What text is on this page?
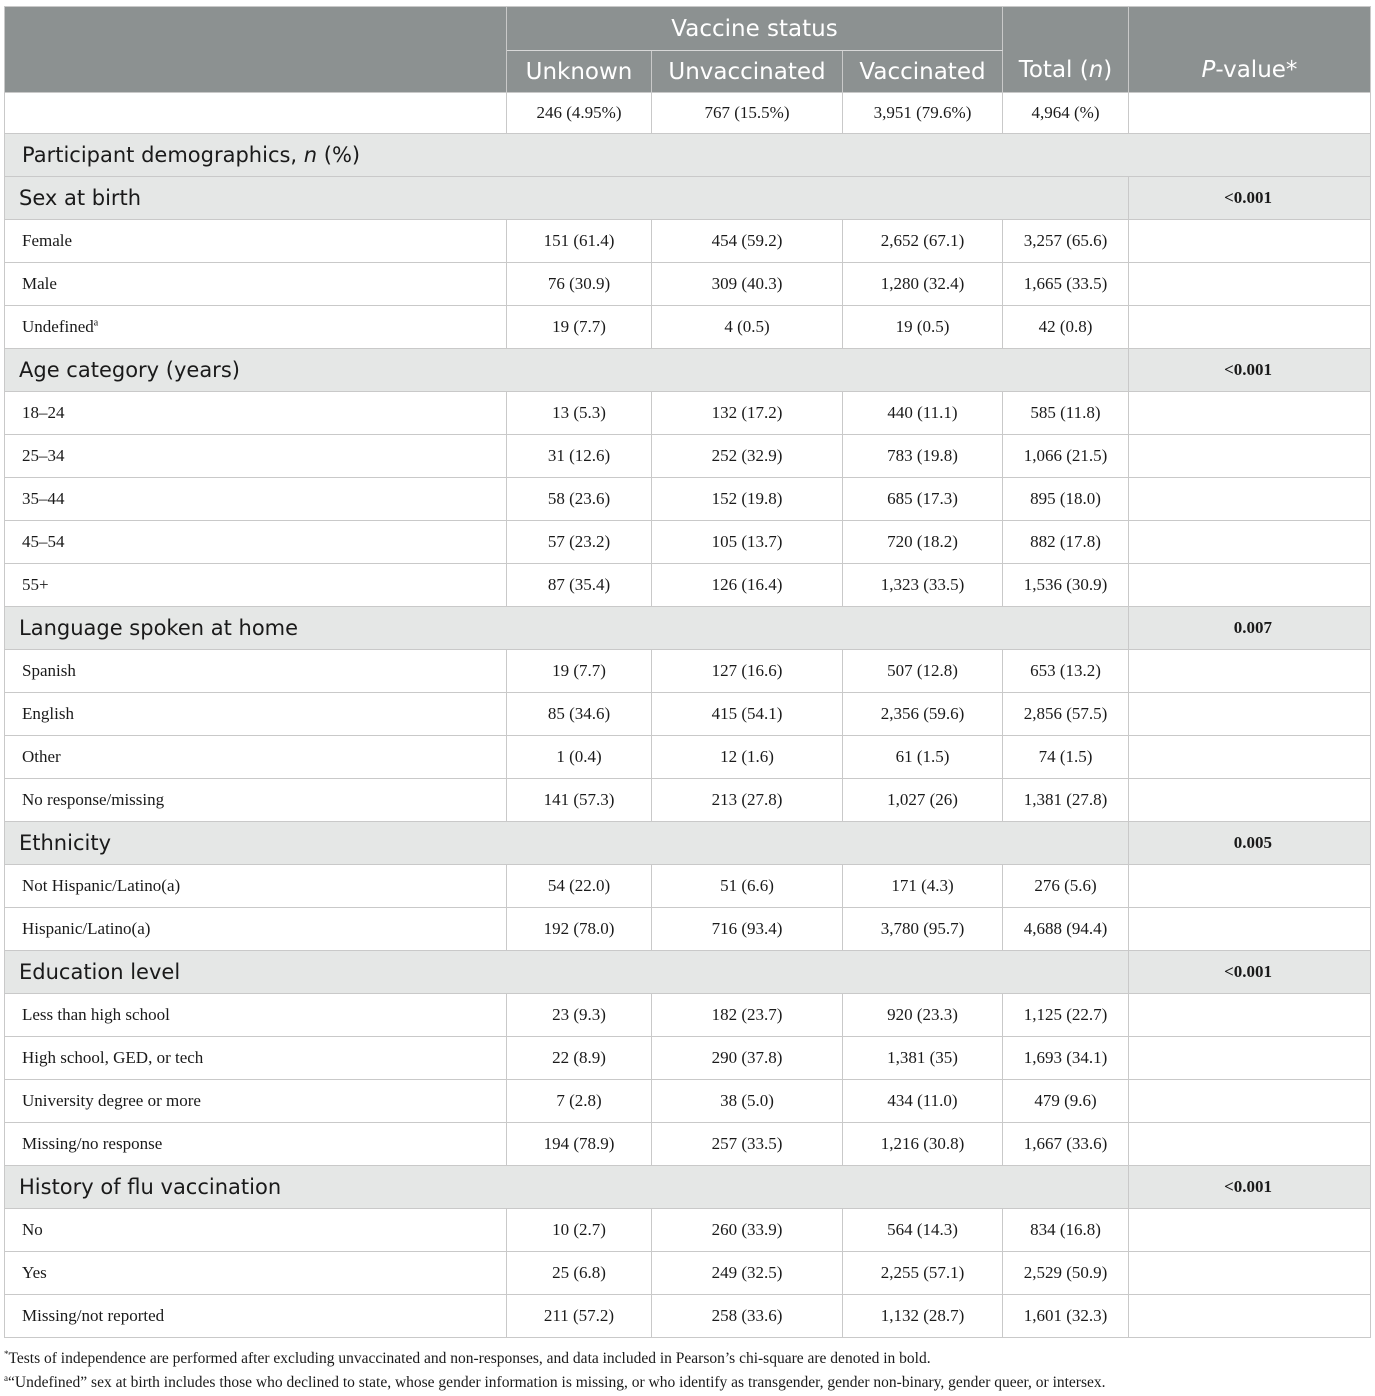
	Vaccine status			Total (n)	P-value*
	Unknown	Unvaccinated	Vaccinated		
	246 (4.95%)	767 (15.5%)	3,951 (79.6%)	4,964 (%)	
Participant demographics, n (%)					
Sex at birth					<0.001
Female	151 (61.4)	454 (59.2)	2,652 (67.1)	3,257 (65.6)	
Male	76 (30.9)	309 (40.3)	1,280 (32.4)	1,665 (33.5)	
Undefined$^a$	19 (7.7)	4 (0.5)	19 (0.5)	42 (0.8)	
Age category (years)					<0.001
18–24	13 (5.3)	132 (17.2)	440 (11.1)	585 (11.8)	
25–34	31 (12.6)	252 (32.9)	783 (19.8)	1,066 (21.5)	
35–44	58 (23.6)	152 (19.8)	685 (17.3)	895 (18.0)	
45–54	57 (23.2)	105 (13.7)	720 (18.2)	882 (17.8)	
55+	87 (35.4)	126 (16.4)	1,323 (33.5)	1,536 (30.9)	
Language spoken at home					0.007
Spanish	19 (7.7)	127 (16.6)	507 (12.8)	653 (13.2)	
English	85 (34.6)	415 (54.1)	2,356 (59.6)	2,856 (57.5)	
Other	1 (0.4)	12 (1.6)	61 (1.5)	74 (1.5)	
No response/missing	141 (57.3)	213 (27.8)	1,027 (26)	1,381 (27.8)	
Ethnicity					0.005
Not Hispanic/Latino(a)	54 (22.0)	51 (6.6)	171 (4.3)	276 (5.6)	
Hispanic/Latino(a)	192 (78.0)	716 (93.4)	3,780 (95.7)	4,688 (94.4)	
Education level					<0.001
Less than high school	23 (9.3)	182 (23.7)	920 (23.3)	1,125 (22.7)	
High school, GED, or tech	22 (8.9)	290 (37.8)	1,381 (35)	1,693 (34.1)	
University degree or more	7 (2.8)	38 (5.0)	434 (11.0)	479 (9.6)	
Missing/no response	194 (78.9)	257 (33.5)	1,216 (30.8)	1,667 (33.6)	
History of flu vaccination					<0.001
No	10 (2.7)	260 (33.9)	564 (14.3)	834 (16.8)	
Yes	25 (6.8)	249 (32.5)	2,255 (57.1)	2,529 (50.9)	
Missing/not reported	211 (57.2)	258 (33.6)	1,132 (28.7)	1,601 (32.3)	
*Tests of independence are performed after excluding unvaccinated and non-responses, and data included in Pearson’s chi-square are denoted in bold.
$^a$“Undefined” sex at birth includes those who declined to state, whose gender information is missing, or who identify as transgender, gender non-binary, gender queer, or intersex.
